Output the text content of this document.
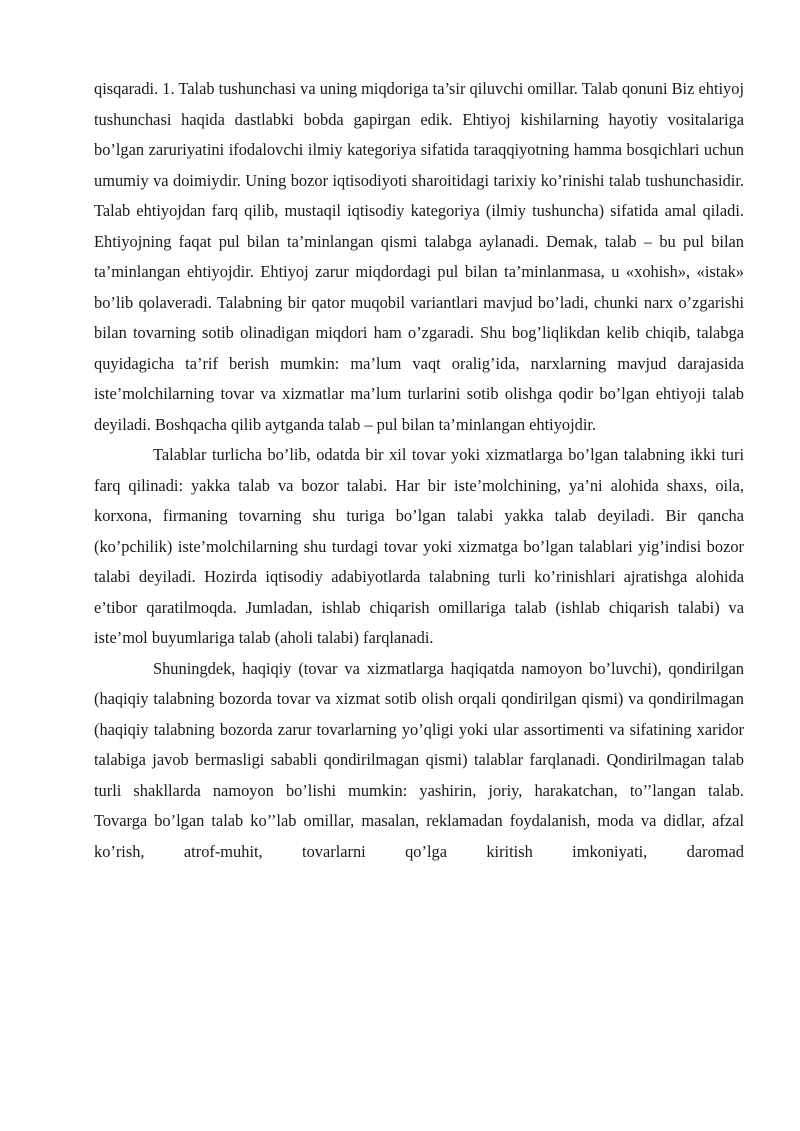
qisqaradi. 1. Talab tushunchasi va uning miqdoriga ta’sir qiluvchi omillar. Talab qonuni Biz ehtiyoj tushunchasi haqida dastlabki bobda gapirgan edik. Ehtiyoj kishilarning hayotiy vositalariga bo’lgan zaruriyatini ifodalovchi ilmiy kategoriya sifatida taraqqiyotning hamma bosqichlari uchun umumiy va doimiydir. Uning bozor iqtisodiyoti sharoitidagi tarixiy ko’rinishi talab tushunchasidir. Talab ehtiyojdan farq qilib, mustaqil iqtisodiy kategoriya (ilmiy tushuncha) sifatida amal qiladi. Ehtiyojning faqat pul bilan ta’minlangan qismi talabga aylanadi. Demak, talab – bu pul bilan ta’minlangan ehtiyojdir. Ehtiyoj zarur miqdordagi pul bilan ta’minlanmasa, u «xohish», «istak» bo’lib qolaveradi. Talabning bir qator muqobil variantlari mavjud bo’ladi, chunki narx o’zgarishi bilan tovarning sotib olinadigan miqdori ham o’zgaradi. Shu bog’liqlikdan kelib chiqib, talabga quyidagicha ta’rif berish mumkin: ma’lum vaqt oralig’ida, narxlarning mavjud darajasida iste’molchilarning tovar va xizmatlar ma’lum turlarini sotib olishga qodir bo’lgan ehtiyoji talab deyiladi. Boshqacha qilib aytganda talab – pul bilan ta’minlangan ehtiyojdir.

Talablar turlicha bo’lib, odatda bir xil tovar yoki xizmatlarga bo’lgan talabning ikki turi farq qilinadi: yakka talab va bozor talabi. Har bir iste’molchining, ya’ni alohida shaxs, oila, korxona, firmaning tovarning shu turiga bo’lgan talabi yakka talab deyiladi. Bir qancha (ko’pchilik) iste’molchilarning shu turdagi tovar yoki xizmatga bo’lgan talablari yig’indisi bozor talabi deyiladi. Hozirda iqtisodiy adabiyotlarda talabning turli ko’rinishlari ajratishga alohida e’tibor qaratilmoqda. Jumladan, ishlab chiqarish omillariga talab (ishlab chiqarish talabi) va iste’mol buyumlariga talab (aholi talabi) farqlanadi.

Shuningdek, haqiqiy (tovar va xizmatlarga haqiqatda namoyon bo’luvchi), qondirilgan (haqiqiy talabning bozorda tovar va xizmat sotib olish orqali qondirilgan qismi) va qondirilmagan (haqiqiy talabning bozorda zarur tovarlarning yo’qligi yoki ular assortimenti va sifatining xaridor talabiga javob bermasligi sababli qondirilmagan qismi) talablar farqlanadi. Qondirilmagan talab turli shakllarda namoyon bo’lishi mumkin: yashirin, joriy, harakatchan, to’’langan talab.

Tovarga bo’lgan talab ko’’lab omillar, masalan, reklamadan foydalanish, moda va didlar, afzal ko’rish, atrof-muhit, tovarlarni qo’lga kiritish imkoniyati, daromad
